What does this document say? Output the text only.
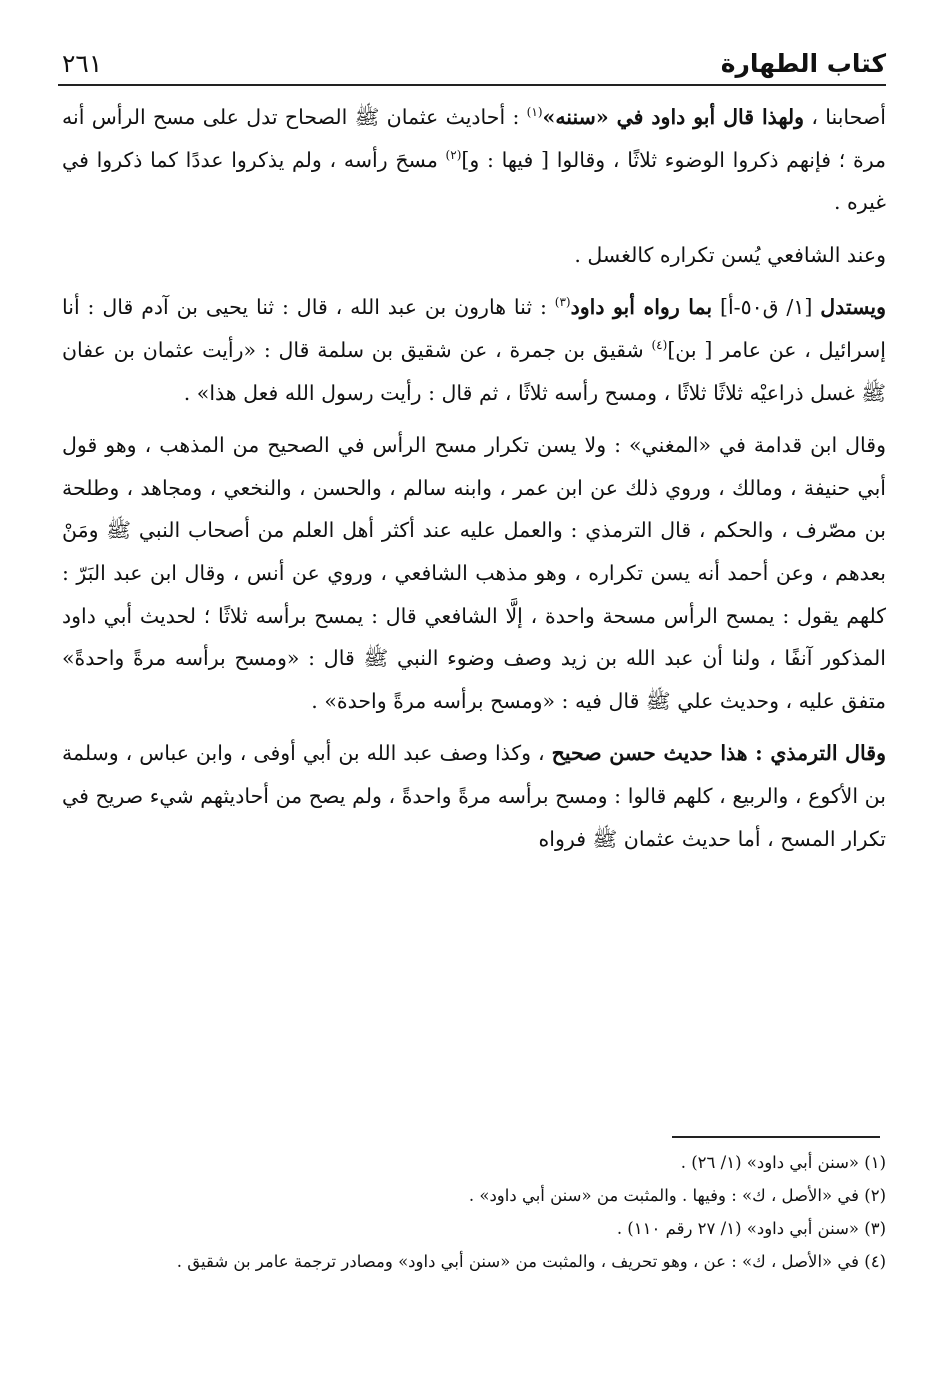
كتاب الطهارة
٢٦١

أصحابنا ، ولهذا قال أبو داود في «سننه»$^{(١)}$ : أحاديث عثمان ﷺ الصحاح تدل على مسح الرأس أنه مرة ؛ فإنهم ذكروا الوضوء ثلاثًا ، وقالوا [ فيها : و]$^{(٢)}$ مسحَ رأسه ، ولم يذكروا عددًا كما ذكروا في غيره .

وعند الشافعي يُسن تكراره كالغسل .

ويستدل [١/ ق٥٠-أ] بما رواه أبو داود$^{(٣)}$ : ثنا هارون بن عبد الله ، قال : ثنا يحيى بن آدم قال : أنا إسرائيل ، عن عامر [ بن]$^{(٤)}$ شقيق بن جمرة ، عن شقيق بن سلمة قال : «رأيت عثمان بن عفان ﷺ غسل ذراعيْه ثلاثًا ثلاثًا ، ومسح رأسه ثلاثًا ، ثم قال : رأيت رسول الله فعل هذا» .

وقال ابن قدامة في «المغني» : ولا يسن تكرار مسح الرأس في الصحيح من المذهب ، وهو قول أبي حنيفة ، ومالك ، وروي ذلك عن ابن عمر ، وابنه سالم ، والحسن ، والنخعي ، ومجاهد ، وطلحة بن مصّرف ، والحكم ، قال الترمذي : والعمل عليه عند أكثر أهل العلم من أصحاب النبي ﷺ ومَنْ بعدهم ، وعن أحمد أنه يسن تكراره ، وهو مذهب الشافعي ، وروي عن أنس ، وقال ابن عبد البَرّ : كلهم يقول : يمسح الرأس مسحة واحدة ، إلَّا الشافعي قال : يمسح برأسه ثلاثًا ؛ لحديث أبي داود المذكور آنفًا ، ولنا أن عبد الله بن زيد وصف وضوء النبي ﷺ قال : «ومسح برأسه مرةً واحدةً» متفق عليه ، وحديث علي ﷺ قال فيه : «ومسح برأسه مرةً واحدة» .

وقال الترمذي : هذا حديث حسن صحيح ، وكذا وصف عبد الله بن أبي أوفى ، وابن عباس ، وسلمة بن الأكوع ، والربيع ، كلهم قالوا : ومسح برأسه مرةً واحدةً ، ولم يصح من أحاديثهم شيء صريح في تكرار المسح ، أما حديث عثمان ﷺ فرواه

(١) «سنن أبي داود» (١/ ٢٦) .

(٢) في «الأصل ، ك» : وفيها . والمثبت من «سنن أبي داود» .

(٣) «سنن أبي داود» (١/ ٢٧ رقم ١١٠) .

(٤) في «الأصل ، ك» : عن ، وهو تحريف ، والمثبت من «سنن أبي داود» ومصادر ترجمة عامر بن شقيق .
